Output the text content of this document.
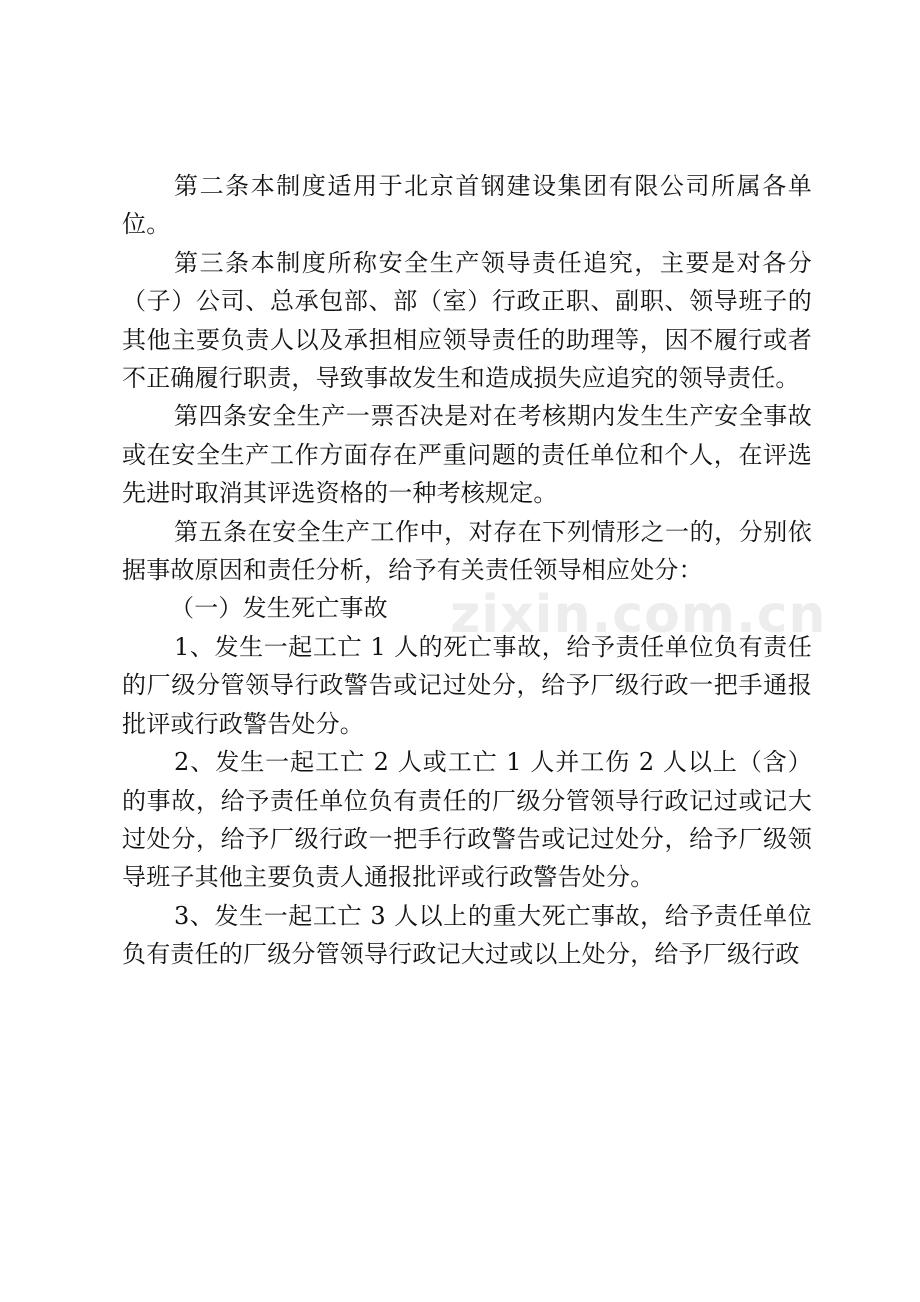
第二条本制度适用于北京首钢建设集团有限公司所属各单位。

第三条本制度所称安全生产领导责任追究，主要是对各分（子）公司、总承包部、部（室）行政正职、副职、领导班子的其他主要负责人以及承担相应领导责任的助理等，因不履行或者不正确履行职责，导致事故发生和造成损失应追究的领导责任。

第四条安全生产一票否决是对在考核期内发生生产安全事故或在安全生产工作方面存在严重问题的责任单位和个人，在评选先进时取消其评选资格的一种考核规定。

第五条在安全生产工作中，对存在下列情形之一的，分别依据事故原因和责任分析，给予有关责任领导相应处分：

（一）发生死亡事故

1、发生一起工亡 1 人的死亡事故，给予责任单位负有责任的厂级分管领导行政警告或记过处分，给予厂级行政一把手通报批评或行政警告处分。

2、发生一起工亡 2 人或工亡 1 人并工伤 2 人以上（含）的事故，给予责任单位负有责任的厂级分管领导行政记过或记大过处分，给予厂级行政一把手行政警告或记过处分，给予厂级领导班子其他主要负责人通报批评或行政警告处分。

3、发生一起工亡 3 人以上的重大死亡事故，给予责任单位负有责任的厂级分管领导行政记大过或以上处分，给予厂级行政

zixin.com.cn
